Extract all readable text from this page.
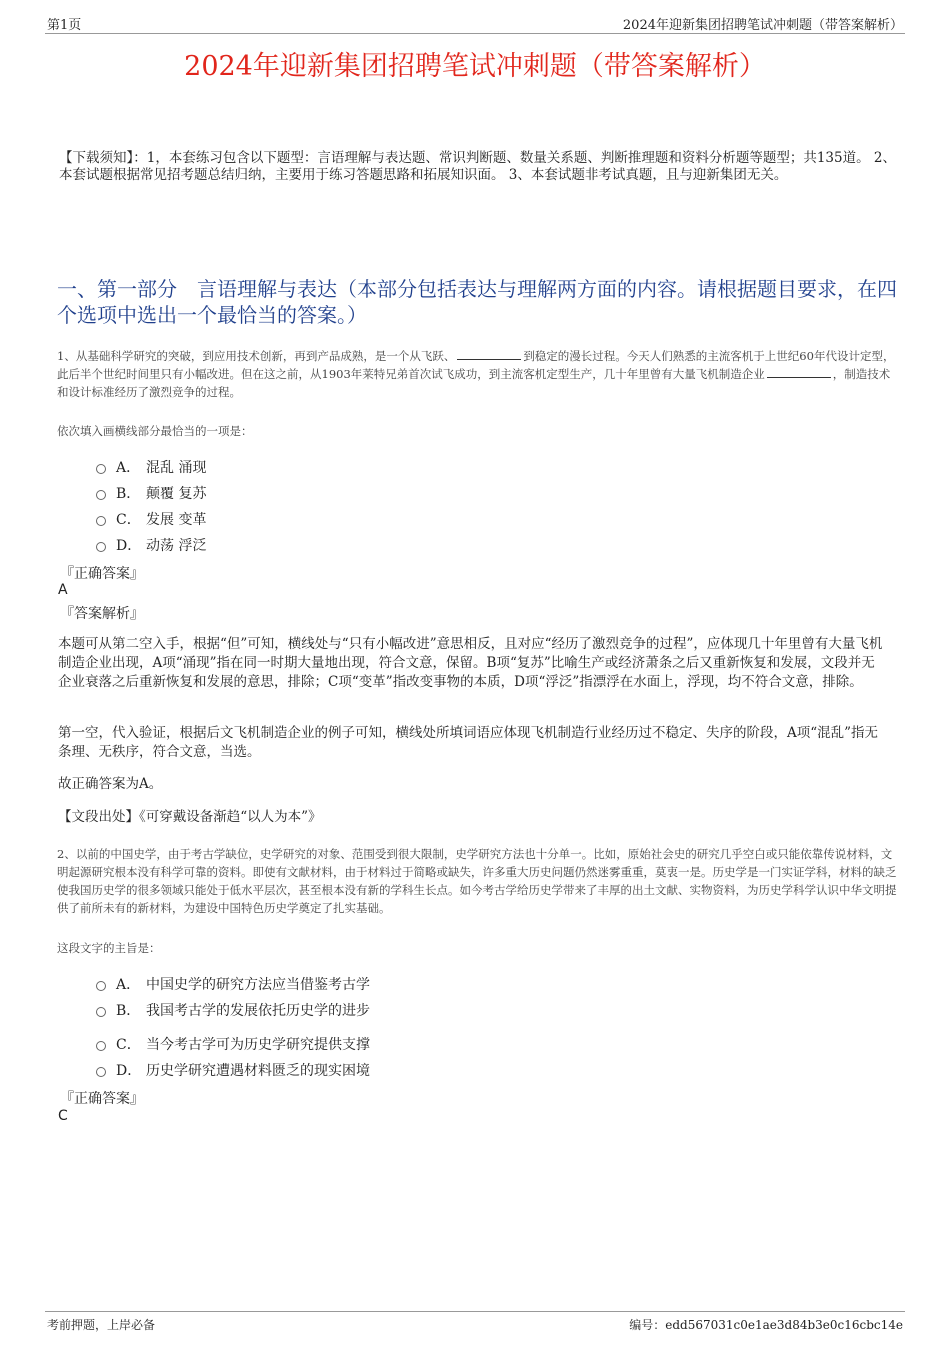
第1页	2024年迎新集团招聘笔试冲刺题（带答案解析）
2024年迎新集团招聘笔试冲刺题（带答案解析）
【下载须知】：1，本套练习包含以下题型：言语理解与表达题、常识判断题、数量关系题、判断推理题和资料分析题等题型；共135道。 2、本套试题根据常见招考题总结归纳，主要用于练习答题思路和拓展知识面。 3、本套试题非考试真题，且与迎新集团无关。
一、第一部分　言语理解与表达（本部分包括表达与理解两方面的内容。请根据题目要求，在四个选项中选出一个最恰当的答案。）
1、从基础科学研究的突破，到应用技术创新，再到产品成熟，是一个从飞跃、	到稳定的漫长过程。今天人们熟悉的主流客机于上世纪60年代设计定型，此后半个世纪时间里只有小幅改进。但在这之前，从1903年莱特兄弟首次试飞成功，到主流客机定型生产，几十年里曾有大量飞机制造企业	，制造技术和设计标准经历了激烈竞争的过程。
依次填入画横线部分最恰当的一项是：
A． 混乱 涌现
B． 颠覆 复苏
C． 发展 变革
D． 动荡 浮泛
『正确答案』
A
『答案解析』
本题可从第二空入手，根据“但”可知，横线处与“只有小幅改进”意思相反，且对应“经历了激烈竞争的过程”，应体现几十年里曾有大量飞机制造企业出现，A项“涌现”指在同一时期大量地出现，符合文意，保留。B项“复苏”比喻生产或经济萧条之后又重新恢复和发展，文段并无企业衰落之后重新恢复和发展的意思，排除；C项“变革”指改变事物的本质，D项“浮泛”指漂浮在水面上，浮现，均不符合文意，排除。
第一空，代入验证，根据后文飞机制造企业的例子可知，横线处所填词语应体现飞机制造行业经历过不稳定、失序的阶段，A项“混乱”指无条理、无秩序，符合文意，当选。
故正确答案为A。
【文段出处】《可穿戴设备渐趋“以人为本”》
2、以前的中国史学，由于考古学缺位，史学研究的对象、范围受到很大限制，史学研究方法也十分单一。比如，原始社会史的研究几乎空白或只能依靠传说材料，文明起源研究根本没有科学可靠的资料。即使有文献材料，由于材料过于简略或缺失，许多重大历史问题仍然迷雾重重，莫衷一是。历史学是一门实证学科，材料的缺乏使我国历史学的很多领域只能处于低水平层次，甚至根本没有新的学科生长点。如今考古学给历史学带来了丰厚的出土文献、实物资料，为历史学科学认识中华文明提供了前所未有的新材料，为建设中国特色历史学奠定了扎实基础。
这段文字的主旨是：
A． 中国史学的研究方法应当借鉴考古学
B． 我国考古学的发展依托历史学的进步
C． 当今考古学可为历史学研究提供支撑
D． 历史学研究遭遇材料匮乏的现实困境
『正确答案』
C
考前押题，上岸必备	编号：edd567031c0e1ae3d84b3e0c16cbc14e
